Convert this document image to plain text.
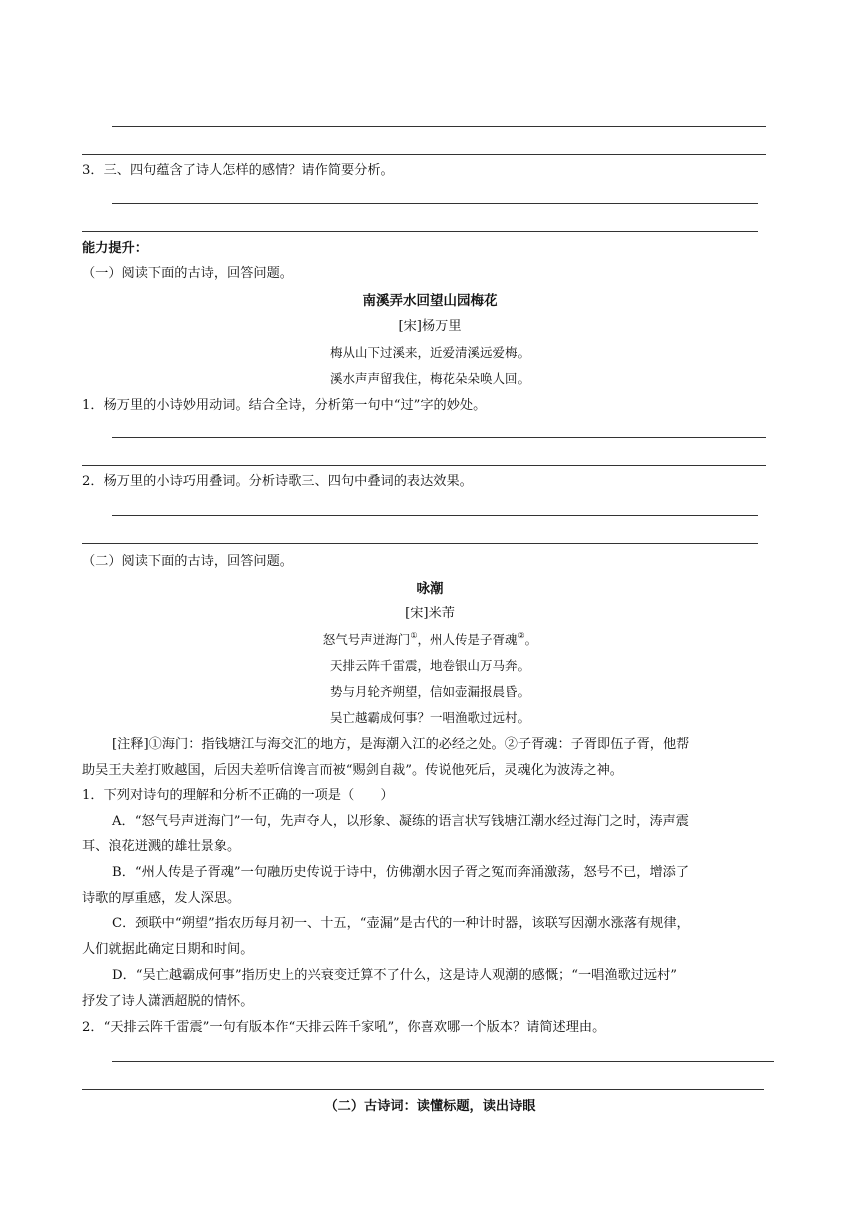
3．三、四句蕴含了诗人怎样的感情？请作简要分析。
能力提升：
（一）阅读下面的古诗，回答问题。
南溪弄水回望山园梅花
[宋]杨万里
梅从山下过溪来，近爱清溪远爱梅。
溪水声声留我住，梅花朵朵唤人回。
1．杨万里的小诗妙用动词。结合全诗，分析第一句中“过”字的妙处。
2．杨万里的小诗巧用叠词。分析诗歌三、四句中叠词的表达效果。
（二）阅读下面的古诗，回答问题。
咏潮
[宋]米芾
怒气号声迸海门①，州人传是子胥魂②。
天排云阵千雷震，地卷银山万马奔。
势与月轮齐朔望，信如壶漏报晨昏。
吴亡越霸成何事？一唱渔歌过远村。
[注释]①海门：指钱塘江与海交汇的地方，是海潮入江的必经之处。②子胥魂：子胥即伍子胥，他帮
助吴王夫差打败越国，后因夫差听信谗言而被“赐剑自裁”。传说他死后，灵魂化为波涛之神。
1．下列对诗句的理解和分析不正确的一项是（　　）
A．“怒气号声迸海门”一句，先声夺人，以形象、凝练的语言状写钱塘江潮水经过海门之时，涛声震
耳、浪花迸溅的雄壮景象。
B．“州人传是子胥魂”一句融历史传说于诗中，仿佛潮水因子胥之冤而奔涌激荡，怒号不已，增添了
诗歌的厚重感，发人深思。
C．颈联中“朔望”指农历每月初一、十五，“壶漏”是古代的一种计时器，该联写因潮水涨落有规律，
人们就据此确定日期和时间。
D．“吴亡越霸成何事”指历史上的兴衰变迁算不了什么，这是诗人观潮的感慨；“一唱渔歌过远村”
抒发了诗人潇洒超脱的情怀。
2．“天排云阵千雷震”一句有版本作“天排云阵千家吼”，你喜欢哪一个版本？请简述理由。
（二）古诗词：读懂标题，读出诗眼
